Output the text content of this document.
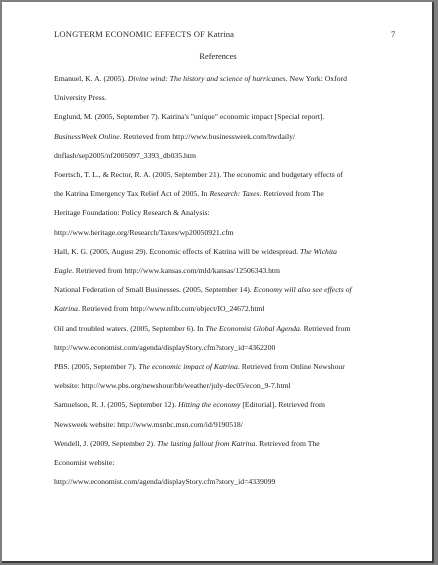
LONGTERM ECONOMIC EFFECTS OF Katrina	7
References
Emanuel, K. A. (2005). Divine wind: The history and science of hurricanes. New York: Oxford
University Press.
Englund, M. (2005, September 7). Katrina's "unique" economic impact [Special report].
BusinessWeek Online. Retrieved from http://www.businessweek.com/bwdaily/
dnflash/sep2005/nf2005097_3393_db035.htm
Foertsch, T. L., & Rector, R. A. (2005, September 21). The economic and budgetary effects of
the Katrina Emergency Tax Relief Act of 2005. In Research: Taxes. Retrieved from The
Heritage Foundation: Policy Research & Analysis:
http://www.heritage.org/Research/Taxes/wp20050921.cfm
Hall, K. G. (2005, August 29). Economic effects of Katrina will be widespread. The Wichita
Eagle. Retrieved from http://www.kansas.com/mld/kansas/12506343.htm
National Federation of Small Businesses. (2005, September 14). Economy will also see effects of
Katrina. Retrieved from http://www.nfib.com/object/IO_24672.html
Oil and troubled waters. (2005, September 6). In The Economist Global Agenda. Retrieved from
http://www.economist.com/agenda/displayStory.cfm?story_id=4362200
PBS. (2005, September 7). The economic impact of Katrina. Retrieved from Online Newshour
website: http://www.pbs.org/newshour/bb/weather/july-dec05/econ_9-7.html
Samuelson, R. J. (2005, September 12). Hitting the economy [Editorial]. Retrieved from
Newsweek website: http://www.msnbc.msn.com/id/9190518/
Wendell, J. (2009, September 2). The lasting fallout from Katrina. Retrieved from The
Economist website:
http://www.economist.com/agenda/displayStory.cfm?story_id=4339099
